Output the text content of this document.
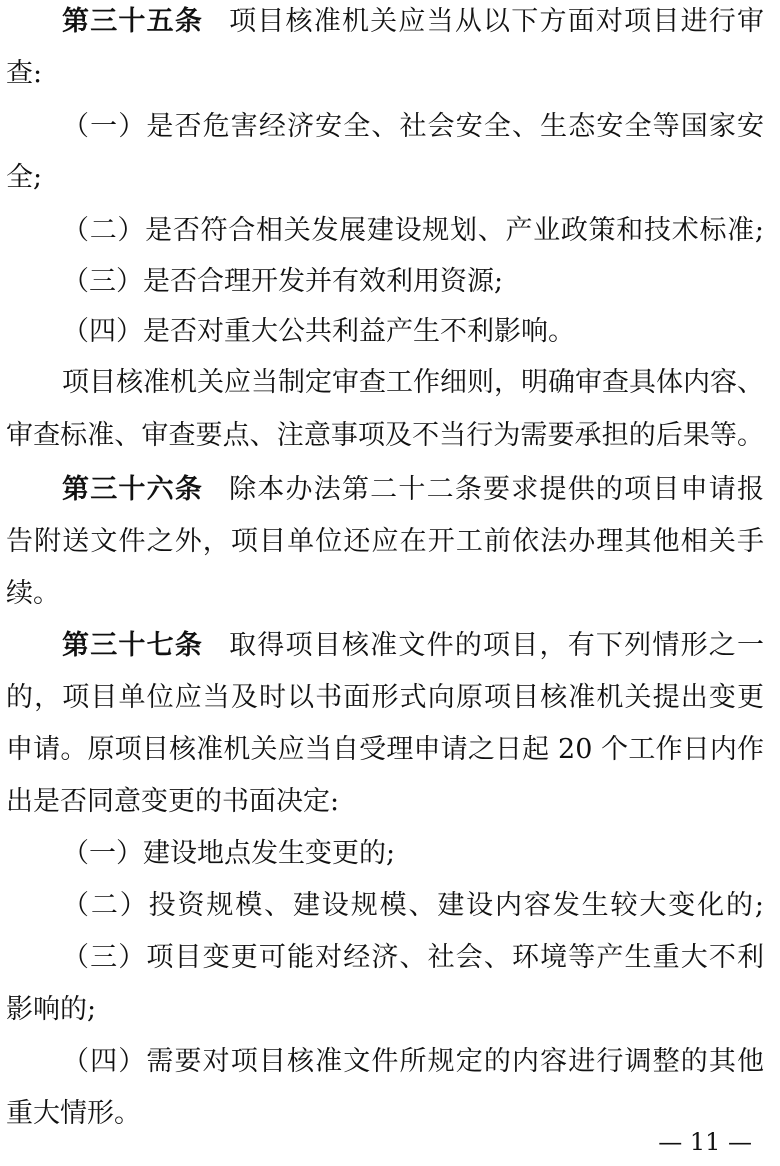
第三十五条 项目核准机关应当从以下方面对项目进行审
查:
（一）是否危害经济安全、社会安全、生态安全等国家安
全;
（二）是否符合相关发展建设规划、产业政策和技术标准;
（三）是否合理开发并有效利用资源;
（四）是否对重大公共利益产生不利影响。
项目核准机关应当制定审查工作细则，明确审查具体内容、
审查标准、审查要点、注意事项及不当行为需要承担的后果等。
第三十六条 除本办法第二十二条要求提供的项目申请报
告附送文件之外，项目单位还应在开工前依法办理其他相关手
续。
第三十七条 取得项目核准文件的项目，有下列情形之一
的，项目单位应当及时以书面形式向原项目核准机关提出变更
申请。原项目核准机关应当自受理申请之日起 20 个工作日内作
出是否同意变更的书面决定:
（一）建设地点发生变更的;
（二）投资规模、建设规模、建设内容发生较大变化的;
（三）项目变更可能对经济、社会、环境等产生重大不利
影响的;
（四）需要对项目核准文件所规定的内容进行调整的其他
重大情形。
— 11 —
